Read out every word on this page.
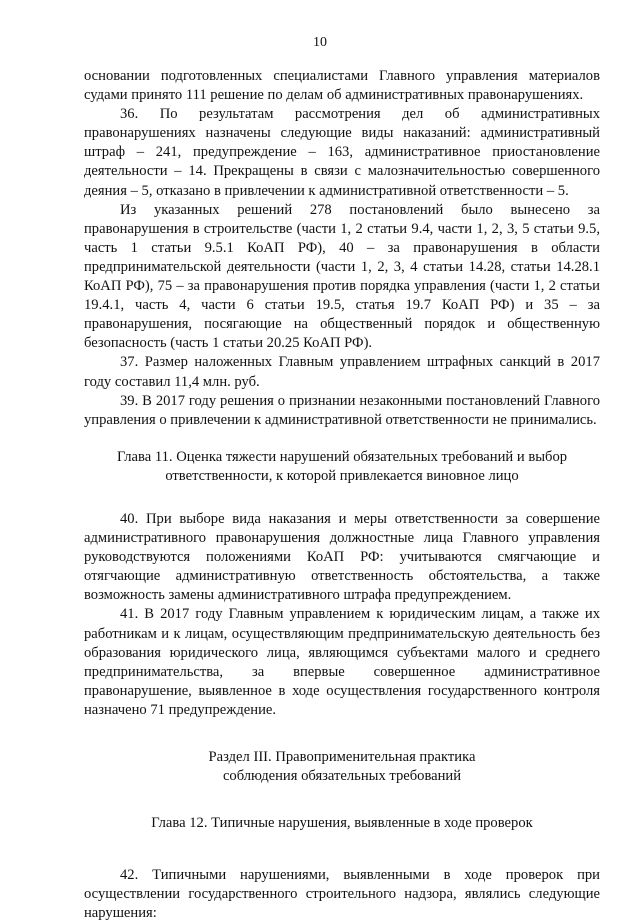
10

основании подготовленных специалистами Главного управления материалов судами принято 111 решение по делам об административных правонарушениях.

36. По результатам рассмотрения дел об административных правонарушениях назначены следующие виды наказаний: административный штраф – 241, предупреждение – 163, административное приостановление деятельности – 14. Прекращены в связи с малозначительностью совершенного деяния – 5, отказано в привлечении к административной ответственности – 5.

Из указанных решений 278 постановлений было вынесено за правонарушения в строительстве (части 1, 2 статьи 9.4, части 1, 2, 3, 5 статьи 9.5, часть 1 статьи 9.5.1 КоАП РФ), 40 – за правонарушения в области предпринимательской деятельности (части 1, 2, 3, 4 статьи 14.28, статьи 14.28.1 КоАП РФ), 75 – за правонарушения против порядка управления (части 1, 2 статьи 19.4.1, часть 4, части 6 статьи 19.5, статья 19.7 КоАП РФ) и 35 – за правонарушения, посягающие на общественный порядок и общественную безопасность (часть 1 статьи 20.25 КоАП РФ).

37. Размер наложенных Главным управлением штрафных санкций в 2017 году составил 11,4 млн. руб.

39. В 2017 году решения о признании незаконными постановлений Главного управления о привлечении к административной ответственности не принимались.

Глава 11. Оценка тяжести нарушений обязательных требований и выбор

ответственности, к которой привлекается виновное лицо

40. При выборе вида наказания и меры ответственности за совершение административного правонарушения должностные лица Главного управления руководствуются положениями КоАП РФ: учитываются смягчающие и отягчающие административную ответственность обстоятельства, а также возможность замены административного штрафа предупреждением.

41. В 2017 году Главным управлением к юридическим лицам, а также их работникам и к лицам, осуществляющим предпринимательскую деятельность без образования юридического лица, являющимся субъектами малого и среднего предпринимательства, за впервые совершенное административное правонарушение, выявленное в ходе осуществления государственного контроля назначено 71 предупреждение.

Раздел III. Правоприменительная практика

соблюдения обязательных требований

Глава 12. Типичные нарушения, выявленные в ходе проверок

42. Типичными нарушениями, выявленными в ходе проверок при осуществлении государственного строительного надзора, являлись следующие нарушения:
